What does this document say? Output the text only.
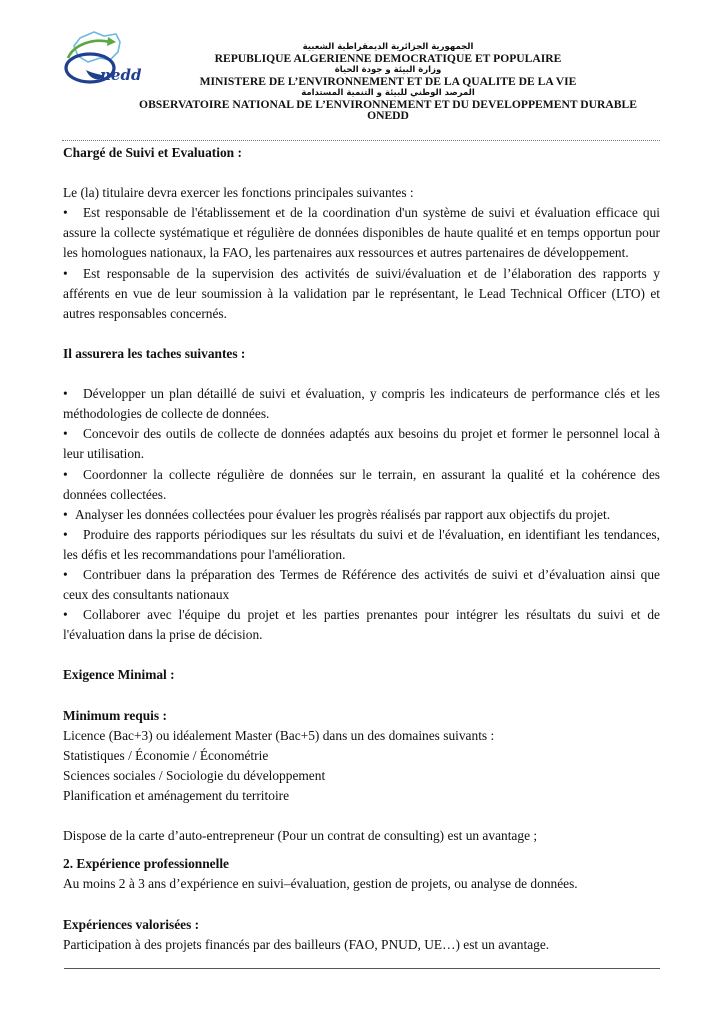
nedd
الجمهورية الجزائرية الديمقراطية الشعبية
REPUBLIQUE ALGERIENNE DEMOCRATIQUE ET POPULAIRE
وزارة البيئة و جودة الحياة
MINISTERE DE L’ENVIRONNEMENT ET DE LA QUALITE DE LA VIE
المرصد الوطني للبيئة و التنمية المستدامة
OBSERVATOIRE NATIONAL DE L’ENVIRONNEMENT ET DU DEVELOPPEMENT DURABLE
ONEDD

Chargé de Suivi et Evaluation :

Le (la) titulaire devra exercer les fonctions principales suivantes :

• Est responsable de l'établissement et de la coordination d'un système de suivi et évaluation efficace qui assure la collecte systématique et régulière de données disponibles de haute qualité et en temps opportun pour les homologues nationaux, la FAO, les partenaires aux ressources et autres partenaires de développement.

• Est responsable de la supervision des activités de suivi/évaluation et de l’élaboration des rapports y afférents en vue de leur soumission à la validation par le représentant, le Lead Technical Officer (LTO) et autres responsables concernés.

Il assurera les taches suivantes :

• Développer un plan détaillé de suivi et évaluation, y compris les indicateurs de performance clés et les méthodologies de collecte de données.

• Concevoir des outils de collecte de données adaptés aux besoins du projet et former le personnel local à leur utilisation.

• Coordonner la collecte régulière de données sur le terrain, en assurant la qualité et la cohérence des données collectées.

• Analyser les données collectées pour évaluer les progrès réalisés par rapport aux objectifs du projet.

• Produire des rapports périodiques sur les résultats du suivi et de l'évaluation, en identifiant les tendances, les défis et les recommandations pour l'amélioration.

• Contribuer dans la préparation des Termes de Référence des activités de suivi et d’évaluation ainsi que ceux des consultants nationaux

• Collaborer avec l'équipe du projet et les parties prenantes pour intégrer les résultats du suivi et de l'évaluation dans la prise de décision.

Exigence Minimal :

Minimum requis :

Licence (Bac+3) ou idéalement Master (Bac+5) dans un des domaines suivants :

Statistiques / Économie / Économétrie

Sciences sociales / Sociologie du développement

Planification et aménagement du territoire

Dispose de la carte d’auto-entrepreneur (Pour un contrat de consulting) est un avantage ;

2. Expérience professionnelle

Au moins 2 à 3 ans d’expérience en suivi–évaluation, gestion de projets, ou analyse de données.

Expériences valorisées :

Participation à des projets financés par des bailleurs (FAO, PNUD, UE…) est un avantage.
